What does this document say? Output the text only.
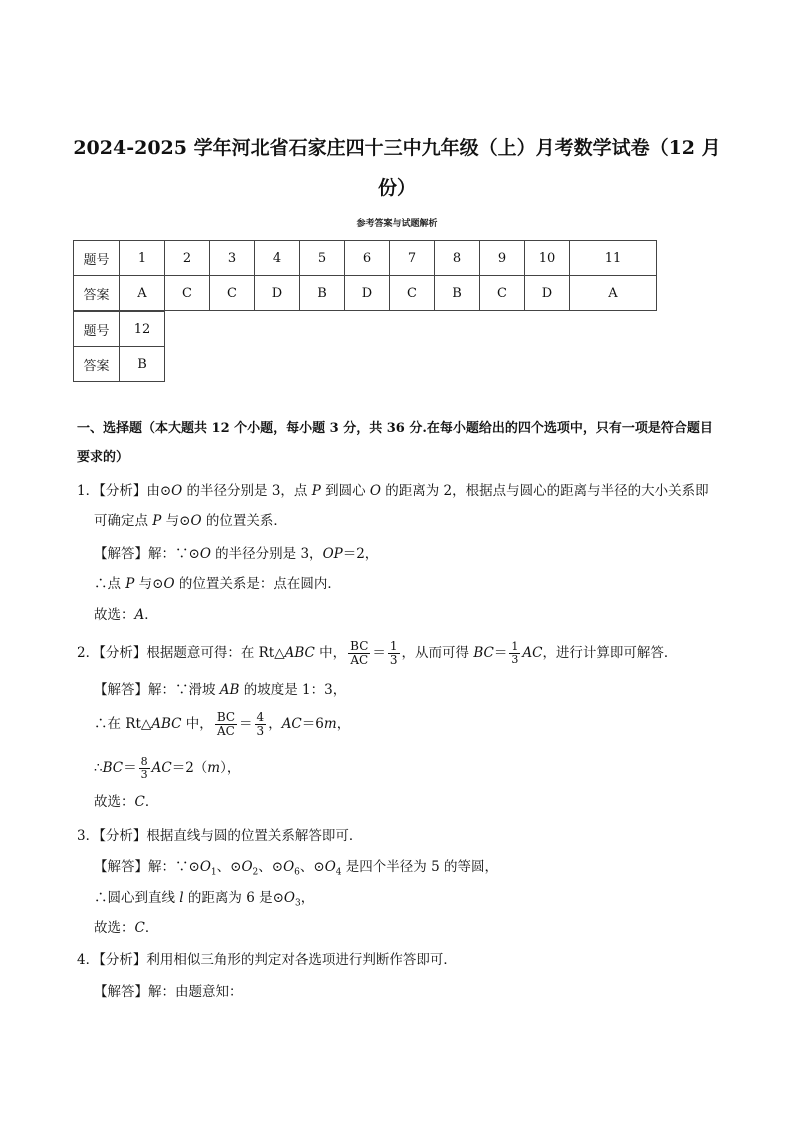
2024-2025 学年河北省石家庄四十三中九年级（上）月考数学试卷（12 月份）
参考答案与试题解析
题号	1	2	3	4	5	6	7	8	9	10	11
答案	A	C	C	D	B	D	C	B	C	D	A
题号	12
答案	B
一、选择题（本大题共 12 个小题，每小题 3 分，共 36 分.在每小题给出的四个选项中，只有一项是符合题目要求的）
1．【分析】由⊙O 的半径分别是 3，点 P 到圆心 O 的距离为 2，根据点与圆心的距离与半径的大小关系即
可确定点 P 与⊙O 的位置关系．
【解答】解：∵⊙O 的半径分别是 3，OP＝2，
∴点 P 与⊙O 的位置关系是：点在圆内．
故选：A．
2．【分析】根据题意可得：在 Rt△ABC 中， $\frac{BC}{AC} = \frac{1}{3}$ ，从而可得 $BC= \frac{1}{3}$ AC，进行计算即可解答．
【解答】解：∵滑坡 AB 的坡度是 1：3，
∴在 Rt△ABC 中， $\frac{BC}{AC} = \frac{4}{3}$ ，AC＝6m，
∴BC＝ $\frac{8}{3} AC=2(m)$，
故选：C．
3．【分析】根据直线与圆的位置关系解答即可．
【解答】解：$\because⊙O_1$、$⊙O_2$、$⊙O_6$、$⊙O_4$ 是四个半径为 5 的等圆，
∴圆心到直线 l 的距离为 6 是$⊙O_3$，
故选：C．
4．【分析】利用相似三角形的判定对各选项进行判断作答即可．
【解答】解：由题意知：
